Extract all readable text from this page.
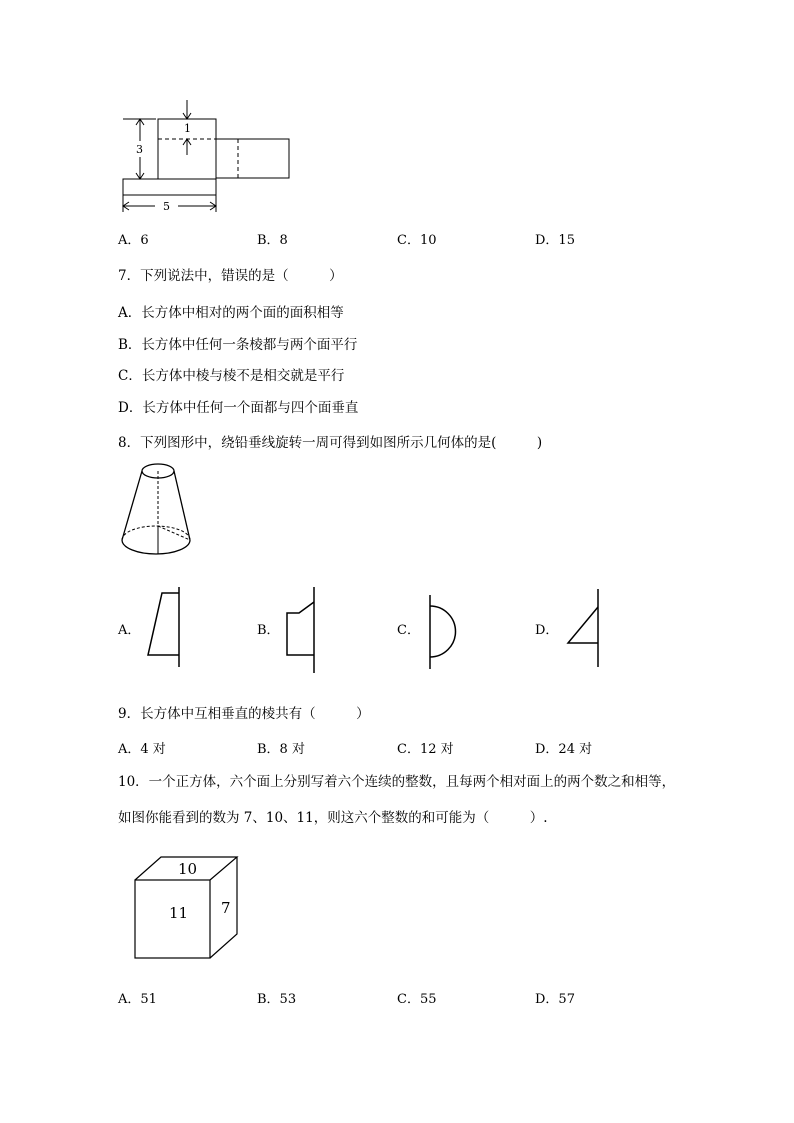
1
3
5
A．6	B．8	C．10	D．15
7．下列说法中，错误的是（　　　）
A．长方体中相对的两个面的面积相等
B．长方体中任何一条棱都与两个面平行
C．长方体中棱与棱不是相交就是平行
D．长方体中任何一个面都与四个面垂直
8．下列图形中，绕铅垂线旋转一周可得到如图所示几何体的是(　　　)
A．	B．	C．	D．
9．长方体中互相垂直的棱共有（　　　）
A．4 对	B．8 对	C．12 对	D．24 对
10．一个正方体，六个面上分别写着六个连续的整数，且每两个相对面上的两个数之和相等，
如图你能看到的数为 7、10、11，则这六个整数的和可能为（　　　）.
10
11 7
A．51	B．53	C．55	D．57
